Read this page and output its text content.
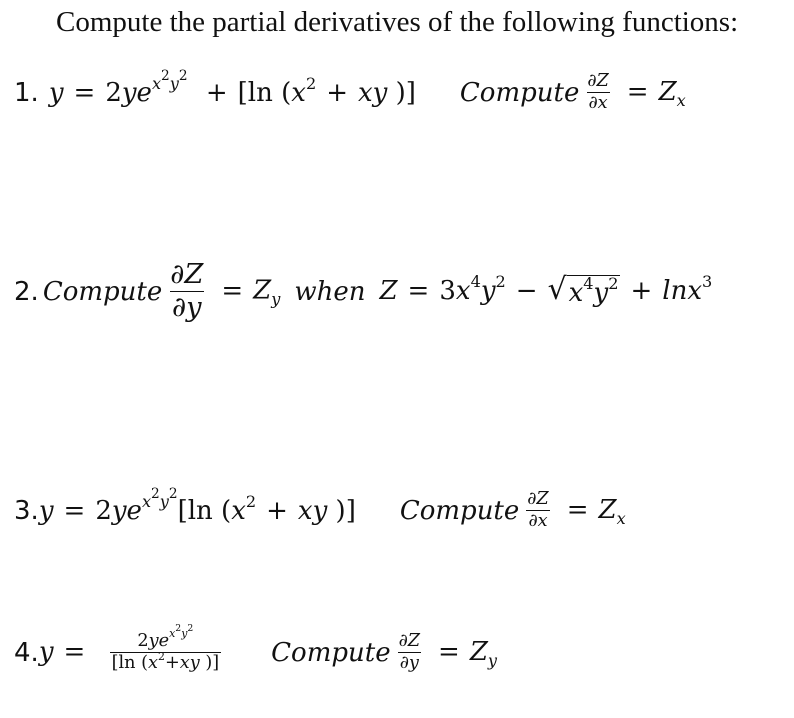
Compute the partial derivatives of the following functions:
1. $y = 2ye^{x^2y^2} + [\ln$ ($x^2$ + xy )] Compute $\frac{\partial Z}{\partial x} = Z_x$
2. Compute $\frac{\partial Z}{\partial y} = Z_y$ when $Z = 3x^4y^2$ − √ $x^4y^2 + \ln x^3$
3. $y = 2ye^{x^2y^2}[\ln$ ($x^2$ + xy )] Compute $\frac{\partial Z}{\partial x} = Z_x$
4. $y = \frac{2ye^{x^2y^2}}{[\ln (x^2+xy )]}$ Compute $\frac{\partial Z}{\partial y} = Z_y$
